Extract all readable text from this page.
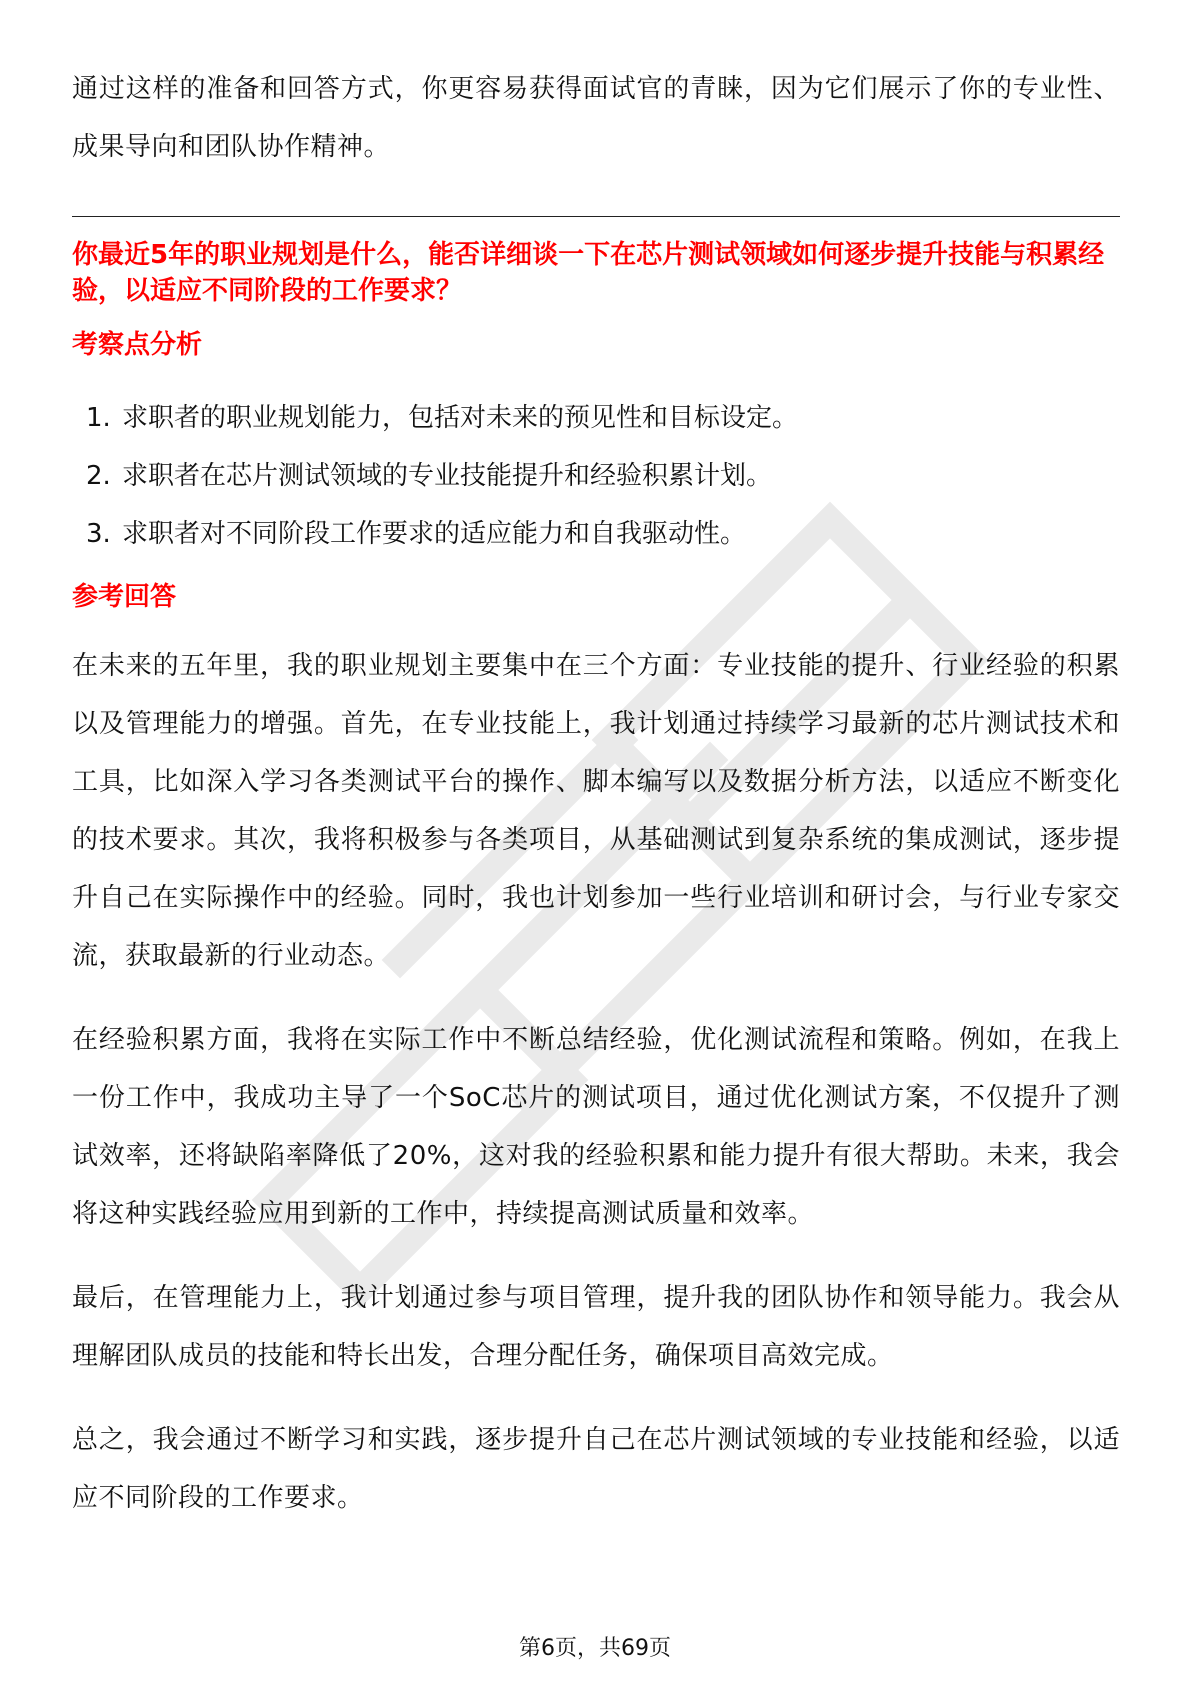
通过这样的准备和回答方式，你更容易获得面试官的青睐，因为它们展示了你的专业性、成果导向和团队协作精神。

你最近5年的职业规划是什么，能否详细谈一下在芯片测试领域如何逐步提升技能与积累经验，以适应不同阶段的工作要求？

考察点分析
1. 求职者的职业规划能力，包括对未来的预见性和目标设定。
2. 求职者在芯片测试领域的专业技能提升和经验积累计划。
3. 求职者对不同阶段工作要求的适应能力和自我驱动性。
参考回答

在未来的五年里，我的职业规划主要集中在三个方面：专业技能的提升、行业经验的积累以及管理能力的增强。首先，在专业技能上，我计划通过持续学习最新的芯片测试技术和工具，比如深入学习各类测试平台的操作、脚本编写以及数据分析方法，以适应不断变化的技术要求。其次，我将积极参与各类项目，从基础测试到复杂系统的集成测试，逐步提升自己在实际操作中的经验。同时，我也计划参加一些行业培训和研讨会，与行业专家交流，获取最新的行业动态。

在经验积累方面，我将在实际工作中不断总结经验，优化测试流程和策略。例如，在我上一份工作中，我成功主导了一个SoC芯片的测试项目，通过优化测试方案，不仅提升了测试效率，还将缺陷率降低了20%，这对我的经验积累和能力提升有很大帮助。未来，我会将这种实践经验应用到新的工作中，持续提高测试质量和效率。

最后，在管理能力上，我计划通过参与项目管理，提升我的团队协作和领导能力。我会从理解团队成员的技能和特长出发，合理分配任务，确保项目高效完成。

总之，我会通过不断学习和实践，逐步提升自己在芯片测试领域的专业技能和经验，以适应不同阶段的工作要求。

第6页，共69页
